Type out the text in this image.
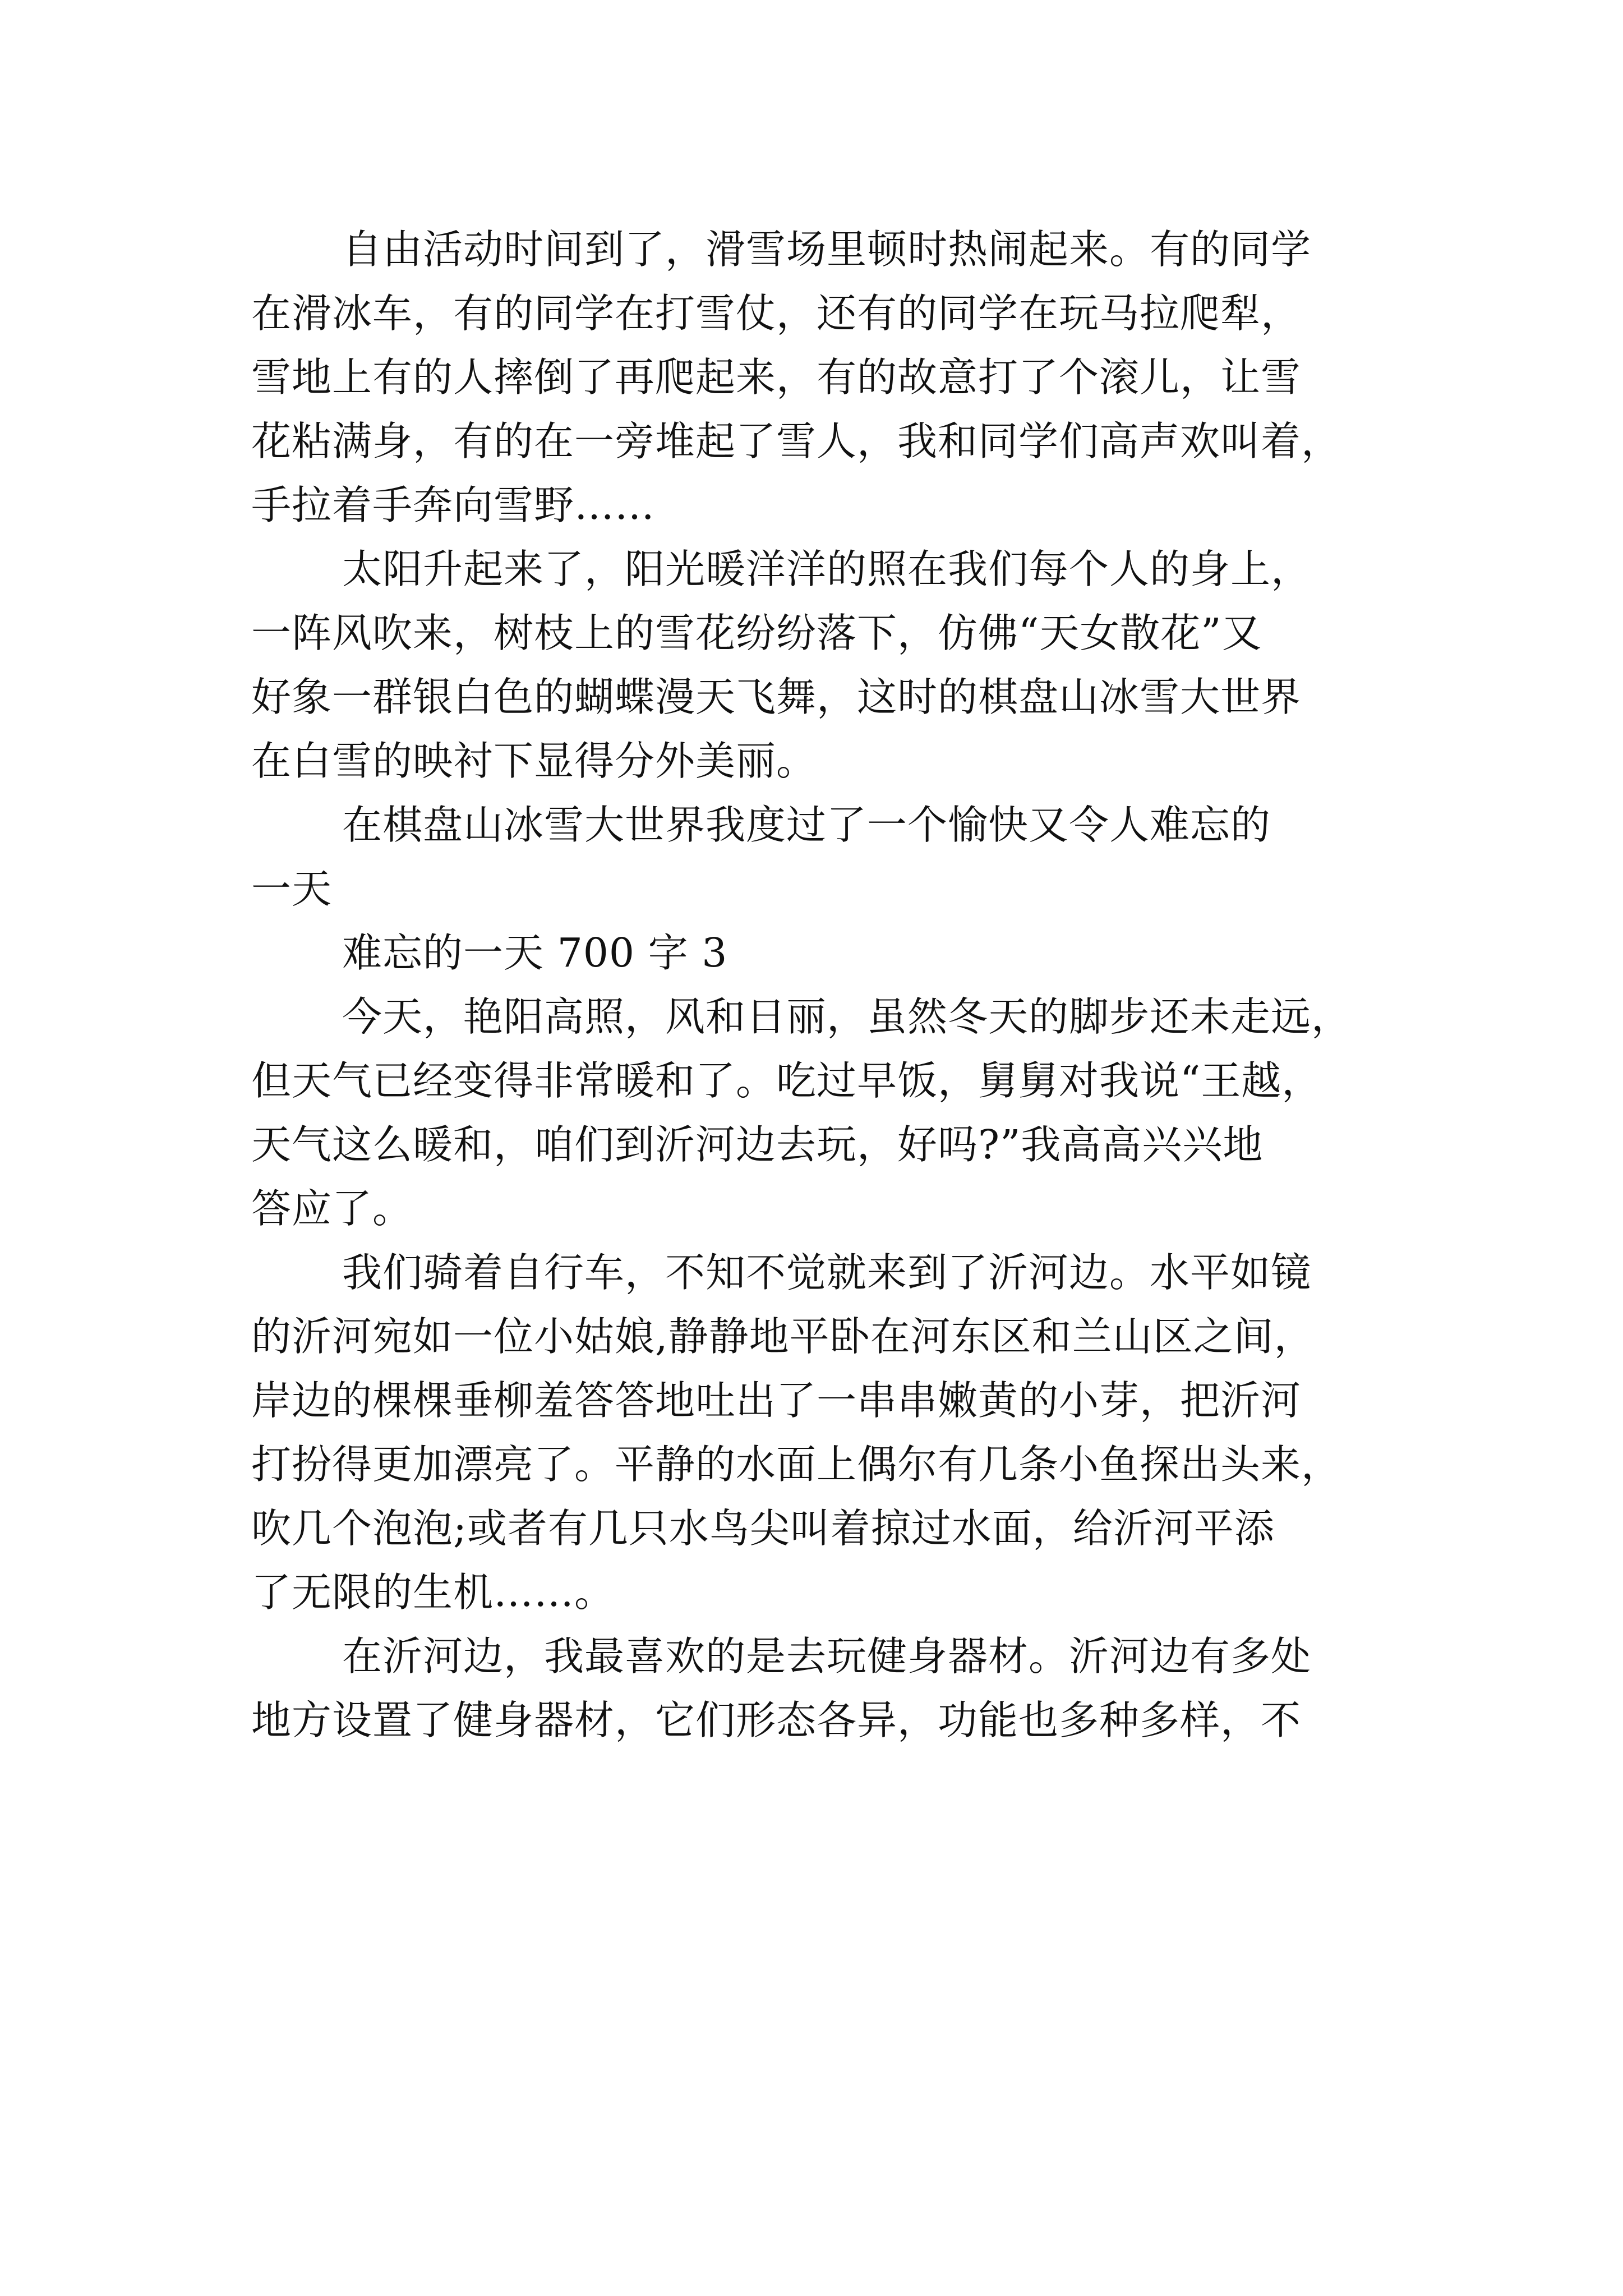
自由活动时间到了，滑雪场里顿时热闹起来。有的同学
在滑冰车，有的同学在打雪仗，还有的同学在玩马拉爬犁，
雪地上有的人摔倒了再爬起来，有的故意打了个滚儿，让雪
花粘满身，有的在一旁堆起了雪人，我和同学们高声欢叫着，
手拉着手奔向雪野……
太阳升起来了，阳光暖洋洋的照在我们每个人的身上，
一阵风吹来，树枝上的雪花纷纷落下，仿佛“天女散花”又
好象一群银白色的蝴蝶漫天飞舞，这时的棋盘山冰雪大世界
在白雪的映衬下显得分外美丽。
在棋盘山冰雪大世界我度过了一个愉快又令人难忘的
一天
难忘的一天 700 字 3
今天，艳阳高照，风和日丽，虽然冬天的脚步还未走远，
但天气已经变得非常暖和了。吃过早饭，舅舅对我说“王越，
天气这么暖和，咱们到沂河边去玩，好吗?”我高高兴兴地
答应了。
我们骑着自行车，不知不觉就来到了沂河边。水平如镜
的沂河宛如一位小姑娘,静静地平卧在河东区和兰山区之间，
岸边的棵棵垂柳羞答答地吐出了一串串嫩黄的小芽，把沂河
打扮得更加漂亮了。平静的水面上偶尔有几条小鱼探出头来，
吹几个泡泡;或者有几只水鸟尖叫着掠过水面，给沂河平添
了无限的生机……。
在沂河边，我最喜欢的是去玩健身器材。沂河边有多处
地方设置了健身器材，它们形态各异，功能也多种多样，不
